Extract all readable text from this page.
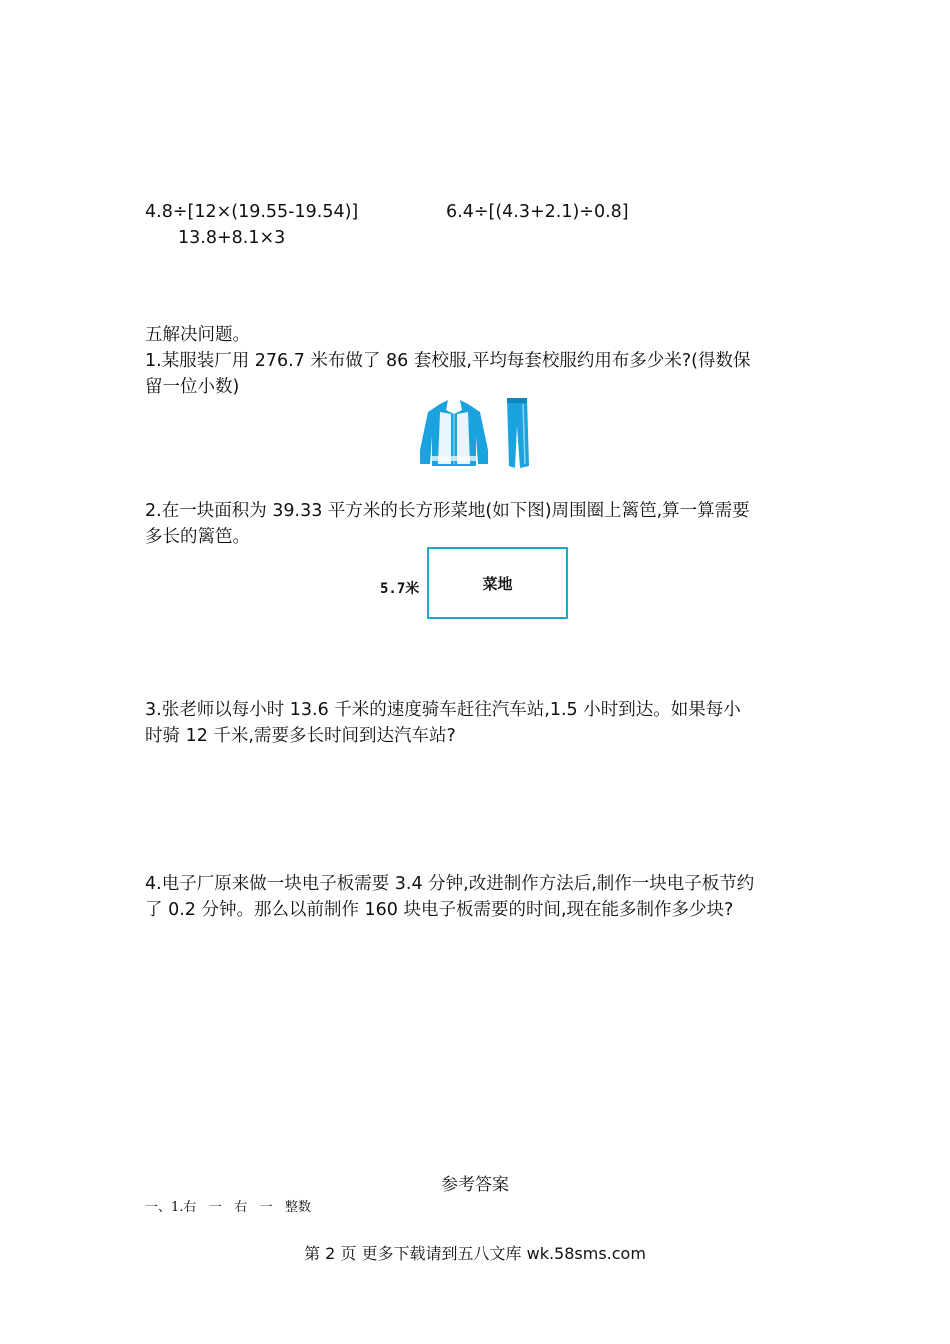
4.8÷[12×(19.55-19.54)]	6.4÷[(4.3+2.1)÷0.8]
13.8+8.1×3
五解决问题。
1.某服装厂用 276.7 米布做了 86 套校服,平均每套校服约用布多少米?(得数保
留一位小数)
2.在一块面积为 39.33 平方米的长方形菜地(如下图)周围圈上篱笆,算一算需要
多长的篱笆。
5.7米	菜地
3.张老师以每小时 13.6 千米的速度骑车赶往汽车站,1.5 小时到达。如果每小
时骑 12 千米,需要多长时间到达汽车站?
4.电子厂原来做一块电子板需要 3.4 分钟,改进制作方法后,制作一块电子板节约
了 0.2 分钟。那么以前制作 160 块电子板需要的时间,现在能多制作多少块?
参考答案
一、1.右   一   右   一   整数
第 2 页 更多下载请到五八文库 wk.58sms.com
